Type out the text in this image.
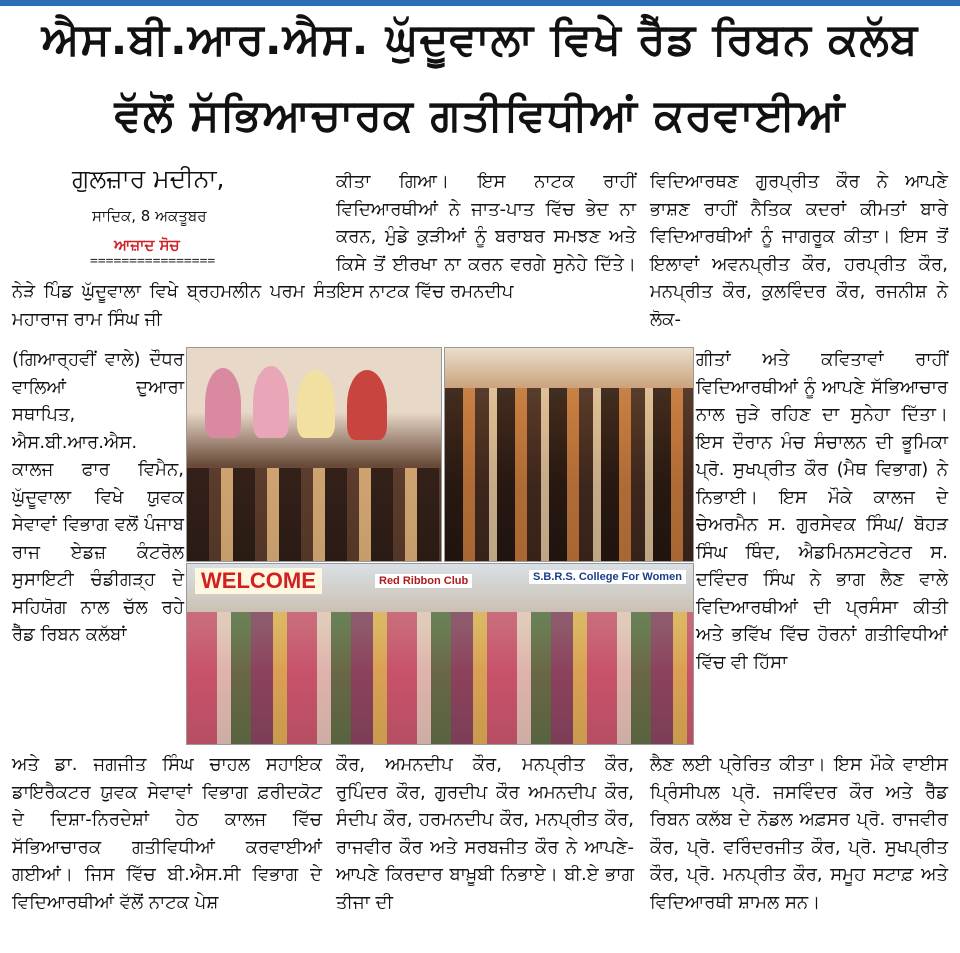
ਐਸ.ਬੀ.ਆਰ.ਐਸ. ਘੁੱਦੂਵਾਲਾ ਵਿਖੇ ਰੈੱਡ ਰਿਬਨ ਕਲੱਬ
ਵੱਲੋਂ ਸੱਭਿਆਚਾਰਕ ਗਤੀਵਿਧੀਆਂ ਕਰਵਾਈਆਂ
ਗੁਲਜ਼ਾਰ ਮਦੀਨਾ,
ਸਾਦਿਕ, 8 ਅਕਤੂਬਰ
ਆਜ਼ਾਦ ਸੋਚ
================
ਨੇੜੇ ਪਿੰਡ ਘੁੱਦੂਵਾਲਾ ਵਿਖੇ ਬ੍ਰਹਮਲੀਨ ਪਰਮ ਸੰਤ ਮਹਾਰਾਜ ਰਾਮ ਸਿੰਘ ਜੀ
(ਗਿਆਰ੍ਹਵੀਂ ਵਾਲੇ) ਦੌਧਰ ਵਾਲਿਆਂ ਦੁਆਰਾ ਸਥਾਪਿਤ, ਐਸ.ਬੀ.ਆਰ.ਐਸ. ਕਾਲਜ ਫਾਰ ਵਿਮੈਨ, ਘੁੱਦੂਵਾਲਾ ਵਿਖੇ ਯੁਵਕ ਸੇਵਾਵਾਂ ਵਿਭਾਗ ਵਲੋਂ ਪੰਜਾਬ ਰਾਜ ਏਡਜ਼ ਕੰਟਰੋਲ ਸੁਸਾਇਟੀ ਚੰਡੀਗੜ੍ਹ ਦੇ ਸਹਿਯੋਗ ਨਾਲ ਚੱਲ ਰਹੇ ਰੈੱਡ ਰਿਬਨ ਕਲੱਬਾਂ
ਅਤੇ ਡਾ. ਜਗਜੀਤ ਸਿੰਘ ਚਾਹਲ ਸਹਾਇਕ ਡਾਇਰੈਕਟਰ ਯੁਵਕ ਸੇਵਾਵਾਂ ਵਿਭਾਗ ਫ਼ਰੀਦਕੋਟ ਦੇ ਦਿਸ਼ਾ-ਨਿਰਦੇਸ਼ਾਂ ਹੇਠ ਕਾਲਜ ਵਿੱਚ ਸੱਭਿਆਚਾਰਕ ਗਤੀਵਿਧੀਆਂ ਕਰਵਾਈਆਂ ਗਈਆਂ। ਜਿਸ ਵਿੱਚ ਬੀ.ਐਸ.ਸੀ ਵਿਭਾਗ ਦੇ ਵਿਦਿਆਰਥੀਆਂ ਵੱਲੋਂ ਨਾਟਕ ਪੇਸ਼
ਕੀਤਾ ਗਿਆ। ਇਸ ਨਾਟਕ ਰਾਹੀਂ ਵਿਦਿਆਰਥੀਆਂ ਨੇ ਜਾਤ-ਪਾਤ ਵਿੱਚ ਭੇਦ ਨਾ ਕਰਨ, ਮੁੰਡੇ ਕੁੜੀਆਂ ਨੂੰ ਬਰਾਬਰ ਸਮਝਣ ਅਤੇ ਕਿਸੇ ਤੋਂ ਈਰਖਾ ਨਾ ਕਰਨ ਵਰਗੇ ਸੁਨੇਹੇ ਦਿੱਤੇ। ਇਸ ਨਾਟਕ ਵਿੱਚ ਰਮਨਦੀਪ
ਕੌਰ, ਅਮਨਦੀਪ ਕੌਰ, ਮਨਪ੍ਰੀਤ ਕੌਰ, ਰੁਪਿੰਦਰ ਕੌਰ, ਗੁਰਦੀਪ ਕੌਰ ਅਮਨਦੀਪ ਕੌਰ, ਸੰਦੀਪ ਕੌਰ, ਹਰਮਨਦੀਪ ਕੌਰ, ਮਨਪ੍ਰੀਤ ਕੌਰ, ਰਾਜਵੀਰ ਕੌਰ ਅਤੇ ਸਰਬਜੀਤ ਕੌਰ ਨੇ ਆਪਣੇ-ਆਪਣੇ ਕਿਰਦਾਰ ਬਾਖ਼ੂਬੀ ਨਿਭਾਏ। ਬੀ.ਏ ਭਾਗ ਤੀਜਾ ਦੀ
ਵਿਦਿਆਰਥਣ ਗੁਰਪ੍ਰੀਤ ਕੌਰ ਨੇ ਆਪਣੇ ਭਾਸ਼ਣ ਰਾਹੀਂ ਨੈਤਿਕ ਕਦਰਾਂ ਕੀਮਤਾਂ ਬਾਰੇ ਵਿਦਿਆਰਥੀਆਂ ਨੂੰ ਜਾਗਰੂਕ ਕੀਤਾ। ਇਸ ਤੋਂ ਇਲਾਵਾਂ ਅਵਨਪ੍ਰੀਤ ਕੌਰ, ਹਰਪ੍ਰੀਤ ਕੌਰ, ਮਨਪ੍ਰੀਤ ਕੌਰ, ਕੁਲਵਿੰਦਰ ਕੌਰ, ਰਜਨੀਸ਼ ਨੇ ਲੋਕ-
ਗੀਤਾਂ ਅਤੇ ਕਵਿਤਾਵਾਂ ਰਾਹੀਂ ਵਿਦਿਆਰਥੀਆਂ ਨੂੰ ਆਪਣੇ ਸੱਭਿਆਚਾਰ ਨਾਲ ਜੁੜੇ ਰਹਿਣ ਦਾ ਸੁਨੇਹਾ ਦਿੱਤਾ। ਇਸ ਦੌਰਾਨ ਮੰਚ ਸੰਚਾਲਨ ਦੀ ਭੂਮਿਕਾ ਪ੍ਰੋ. ਸੁਖਪ੍ਰੀਤ ਕੌਰ (ਮੈਥ ਵਿਭਾਗ) ਨੇ ਨਿਭਾਈ। ਇਸ ਮੌਕੇ ਕਾਲਜ ਦੇ ਚੇਅਰਮੈਨ ਸ. ਗੁਰਸੇਵਕ ਸਿੰਘ/ ਬੋਹੜ ਸਿੰਘ ਥਿੰਦ, ਐਡਮਿਨਸਟਰੇਟਰ ਸ. ਦਵਿੰਦਰ ਸਿੰਘ ਨੇ ਭਾਗ ਲੈਣ ਵਾਲੇ ਵਿਦਿਆਰਥੀਆਂ ਦੀ ਪ੍ਰਸੰਸਾ ਕੀਤੀ ਅਤੇ ਭਵਿੱਖ ਵਿੱਚ ਹੋਰਨਾਂ ਗਤੀਵਿਧੀਆਂ ਵਿੱਚ ਵੀ ਹਿੱਸਾ
ਲੈਣ ਲਈ ਪ੍ਰੇਰਿਤ ਕੀਤਾ। ਇਸ ਮੌਕੇ ਵਾਈਸ ਪ੍ਰਿੰਸੀਪਲ ਪ੍ਰੋ. ਜਸਵਿੰਦਰ ਕੌਰ ਅਤੇ ਰੈੱਡ ਰਿਬਨ ਕਲੱਬ ਦੇ ਨੋਡਲ ਅਫ਼ਸਰ ਪ੍ਰੋ. ਰਾਜਵੀਰ ਕੌਰ, ਪ੍ਰੋ. ਵਰਿੰਦਰਜੀਤ ਕੌਰ, ਪ੍ਰੋ. ਸੁਖਪ੍ਰੀਤ ਕੌਰ, ਪ੍ਰੋ. ਮਨਪ੍ਰੀਤ ਕੌਰ, ਸਮੂਹ ਸਟਾਫ਼ ਅਤੇ ਵਿਦਿਆਰਥੀ ਸ਼ਾਮਲ ਸਨ।
WELCOME	Red Ribbon Club	S.B.R.S. College For Women
